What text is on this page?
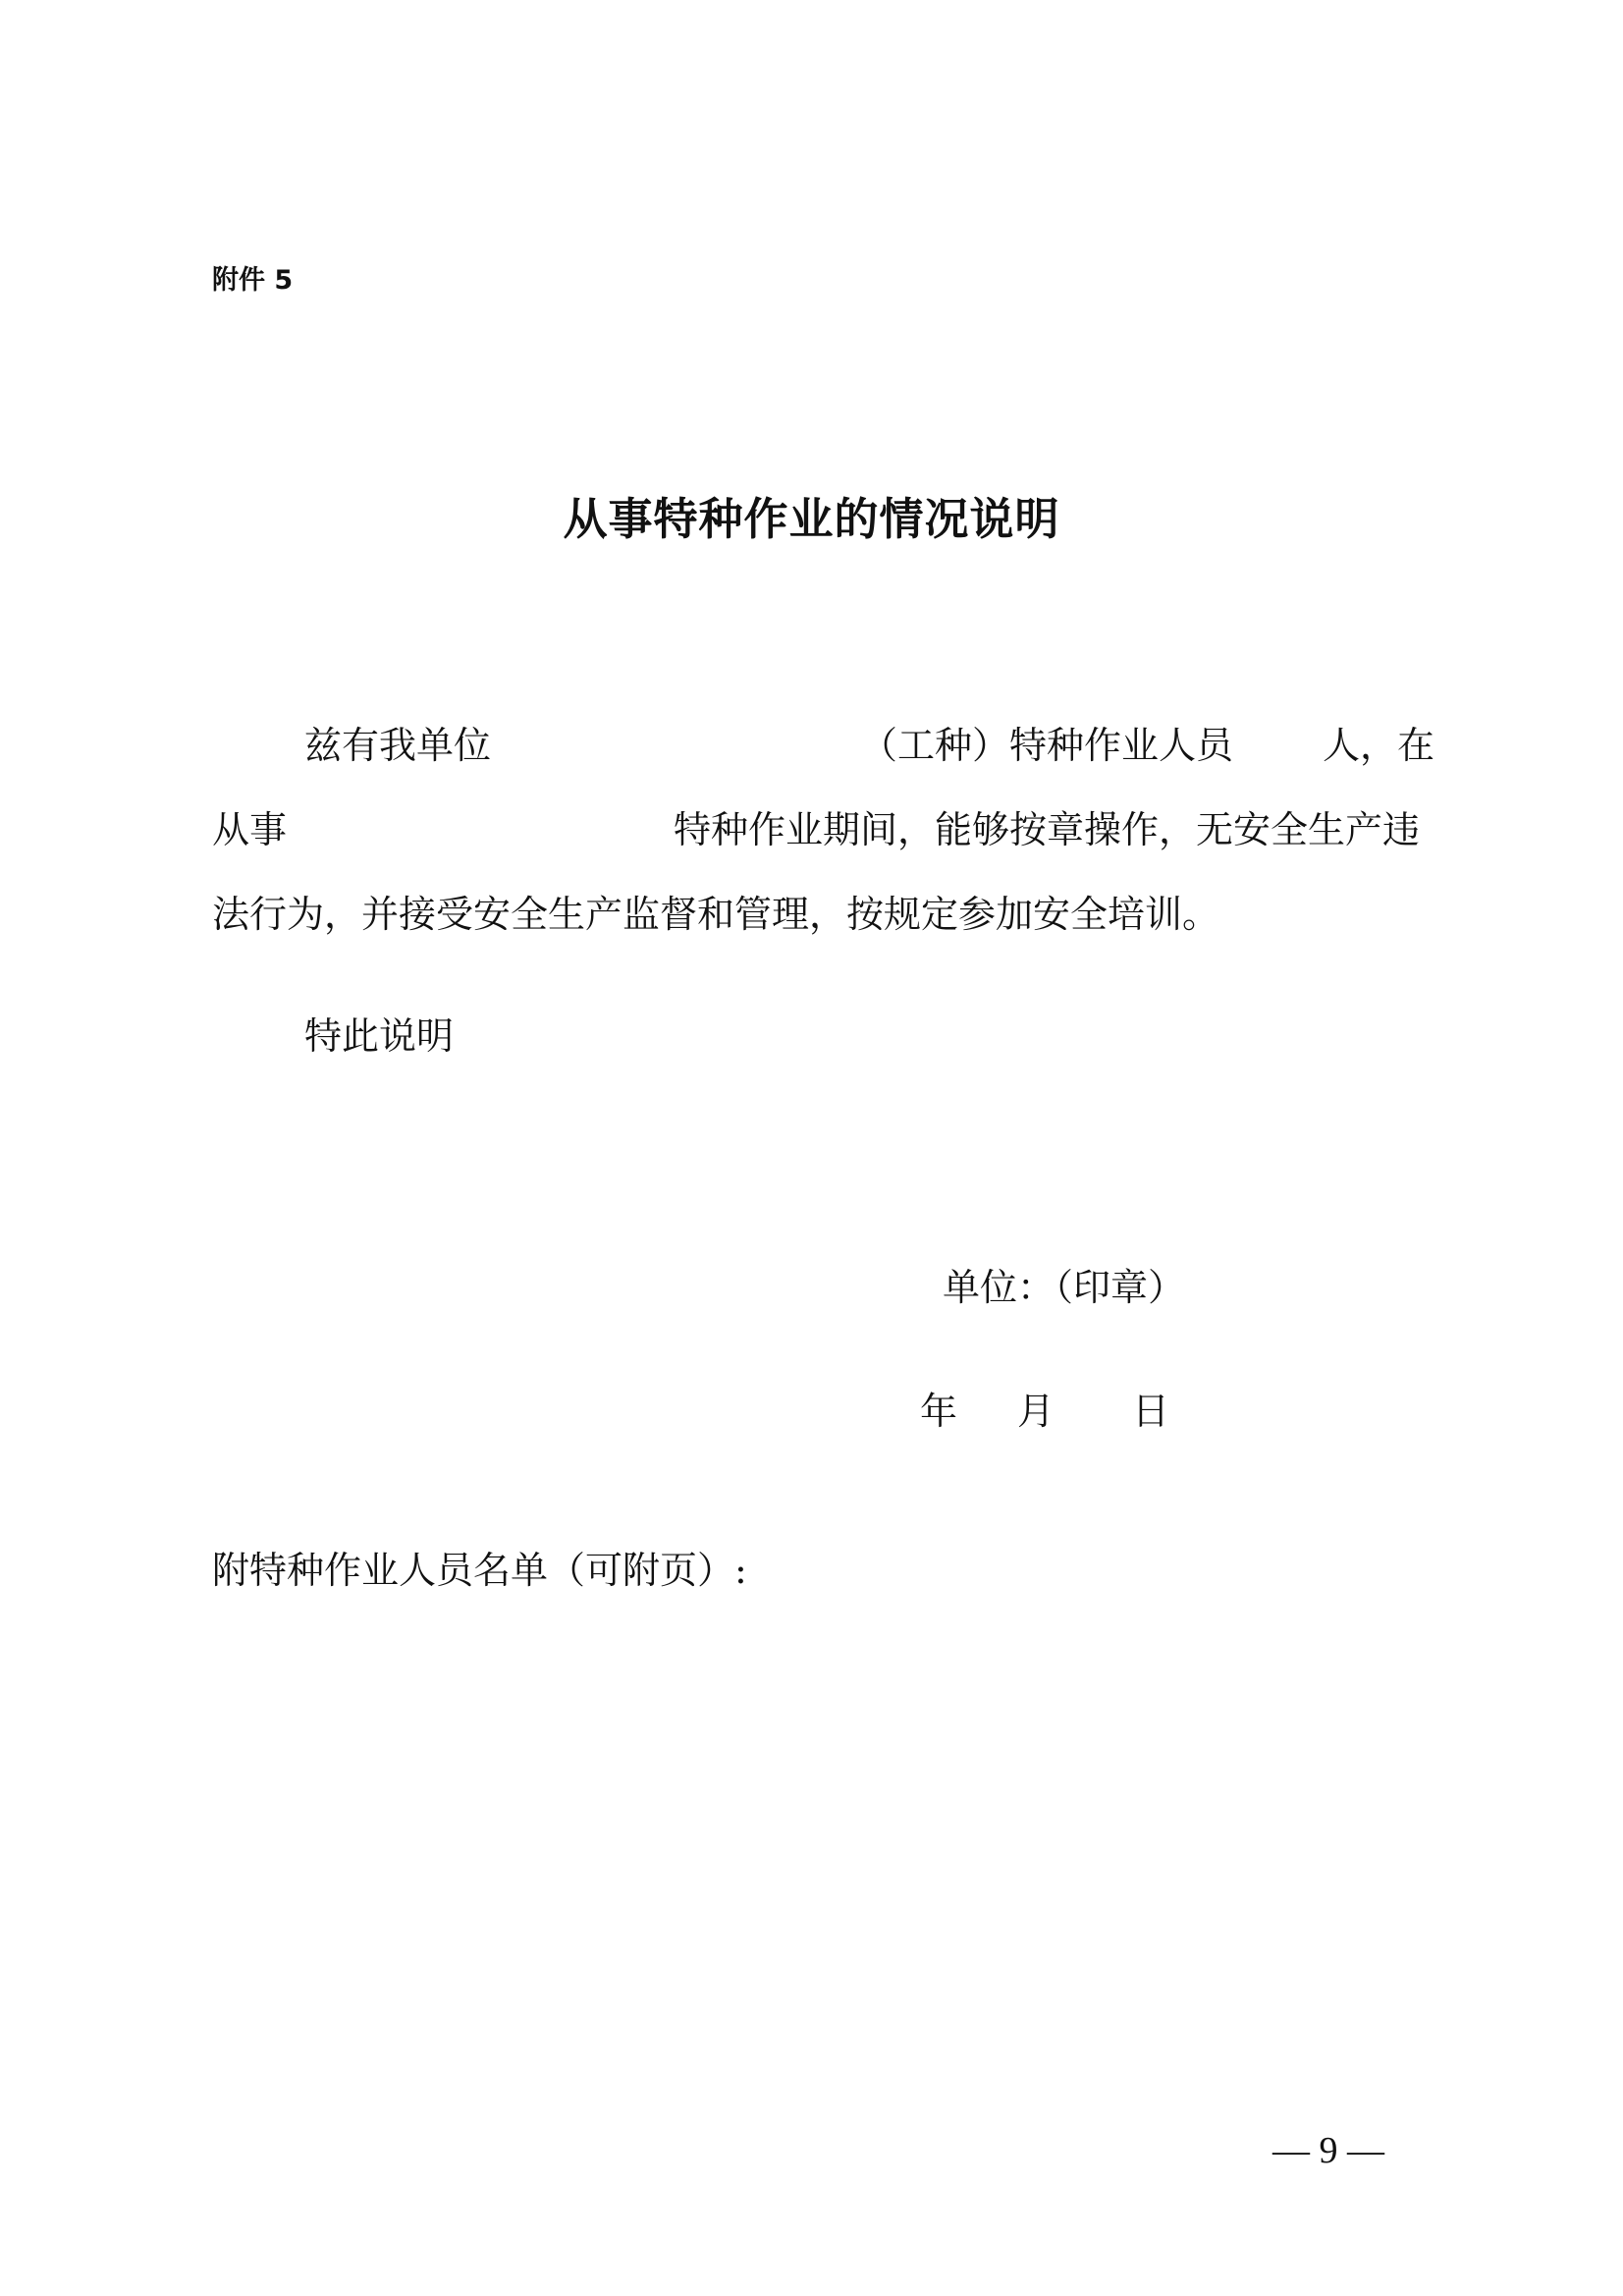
附件 5
从事特种作业的情况说明
兹有我单位	（工种）特种作业人员 人，在
从事	特种作业期间，能够按章操作，无安全生产违
法行为，并接受安全生产监督和管理，按规定参加安全培训。
特此说明
单位：（印章）
年 月 日
附特种作业人员名单（可附页）:
— 9 —
